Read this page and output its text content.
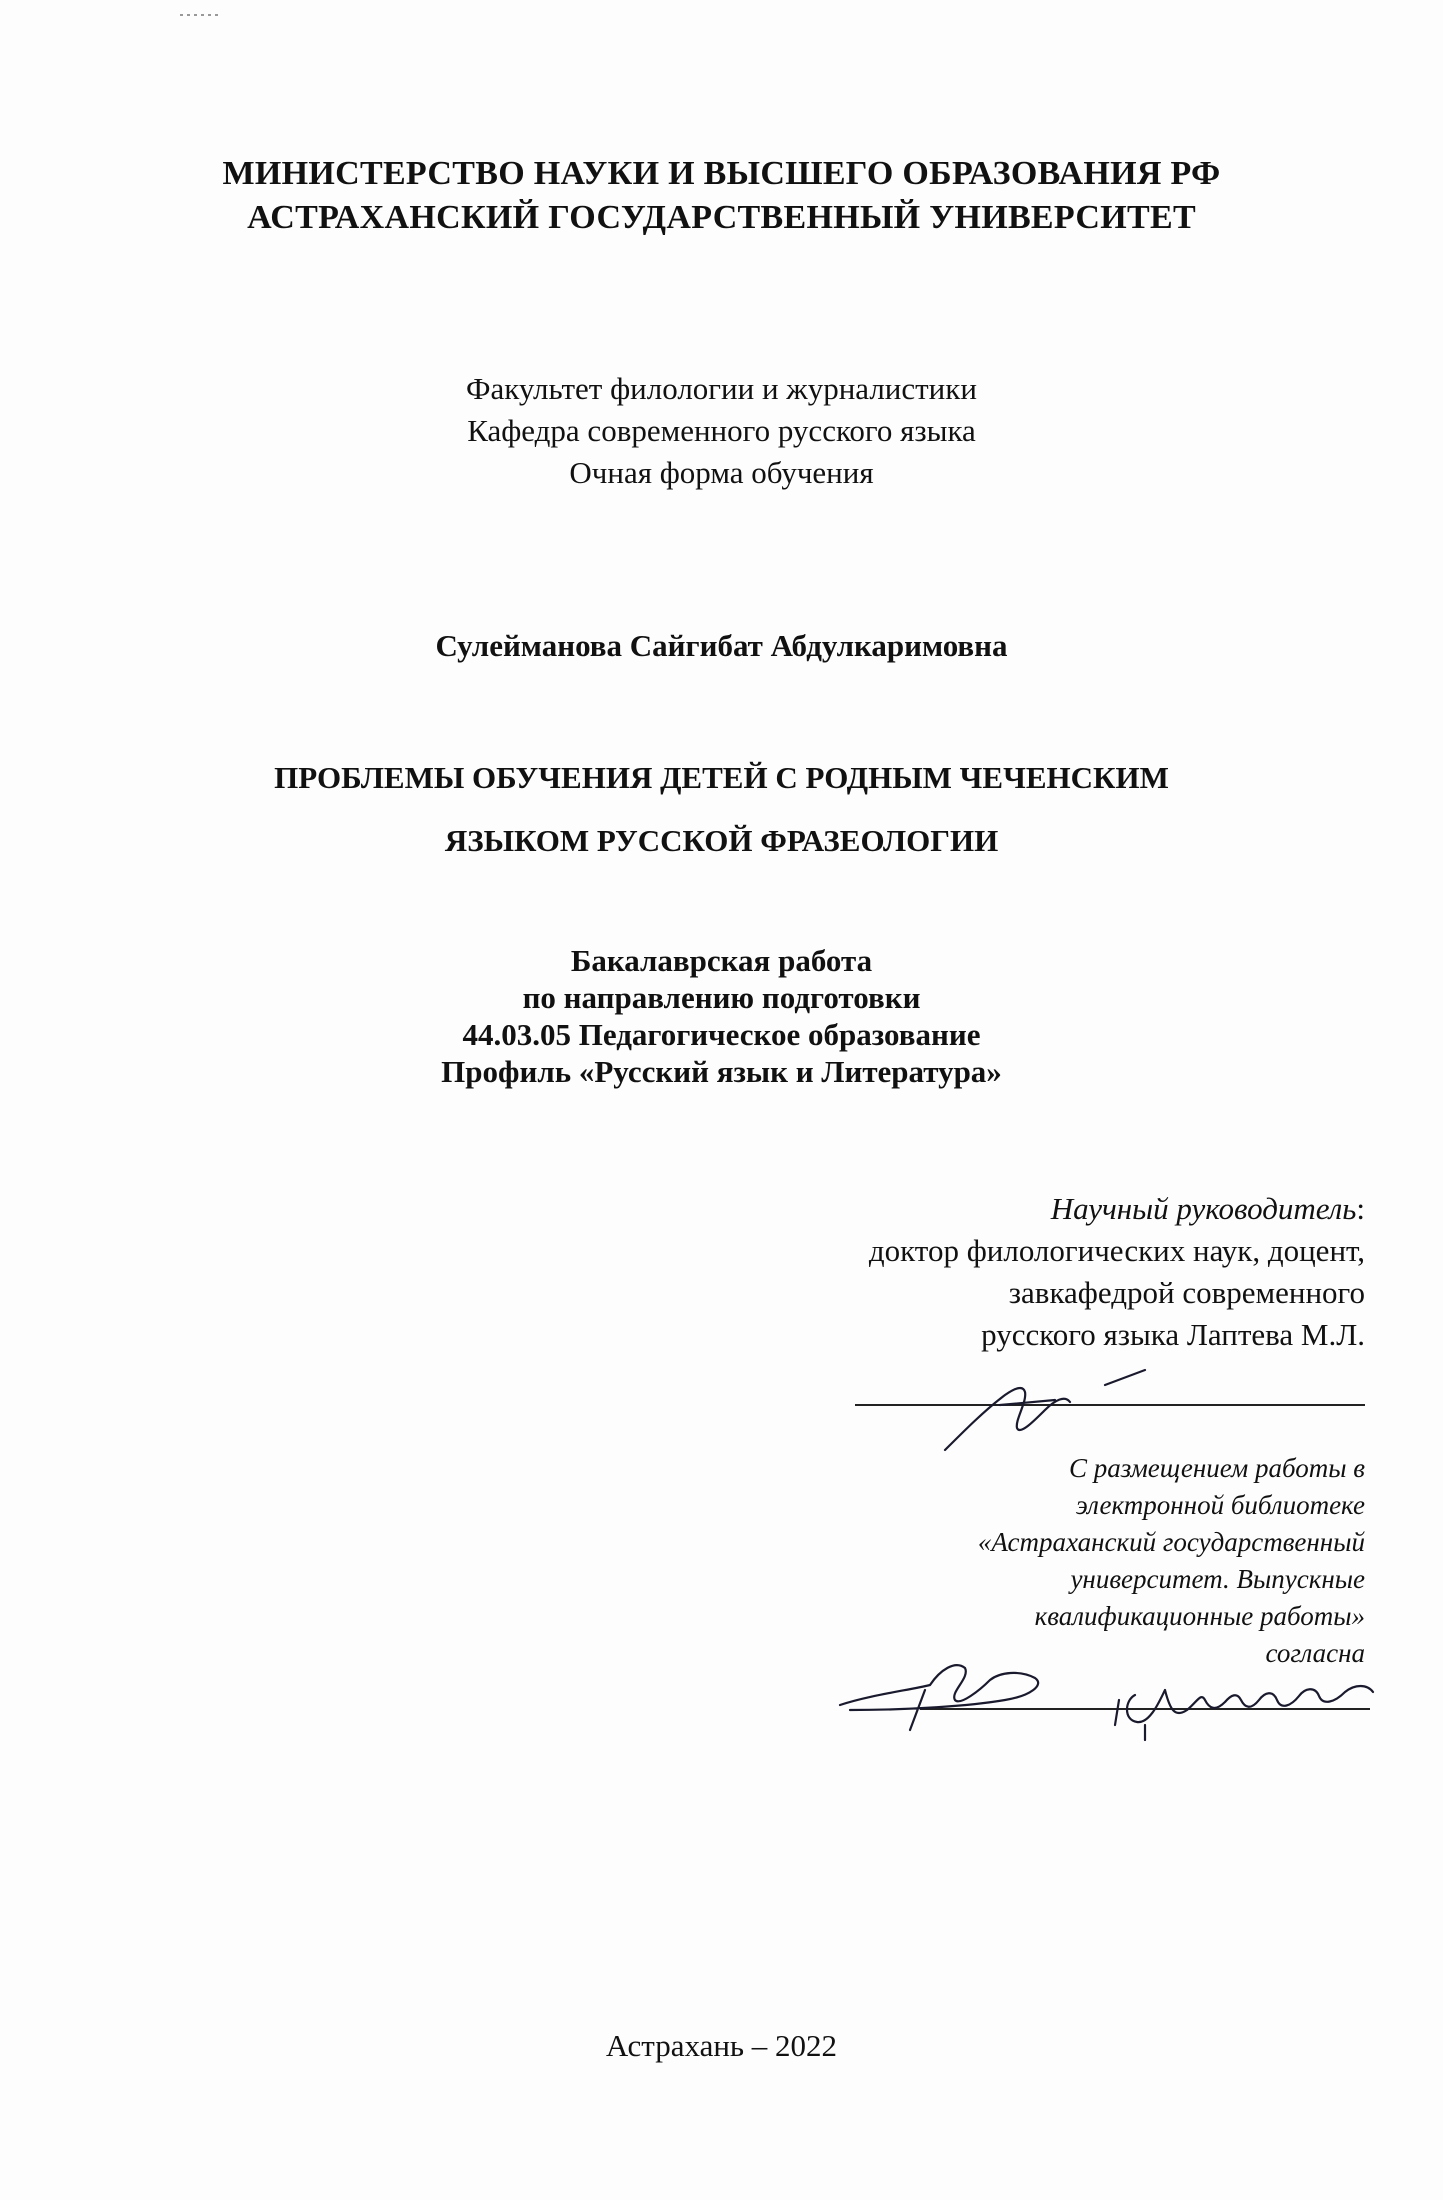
МИНИСТЕРСТВО НАУКИ И ВЫСШЕГО ОБРАЗОВАНИЯ РФ
АСТРАХАНСКИЙ ГОСУДАРСТВЕННЫЙ УНИВЕРСИТЕТ
Факультет филологии и журналистики
Кафедра современного русского языка
Очная форма обучения
Сулейманова Сайгибат Абдулкаримовна
ПРОБЛЕМЫ ОБУЧЕНИЯ ДЕТЕЙ С РОДНЫМ ЧЕЧЕНСКИМ
ЯЗЫКОМ РУССКОЙ ФРАЗЕОЛОГИИ
Бакалаврская работа
по направлению подготовки
44.03.05 Педагогическое образование
Профиль «Русский язык и Литература»
Научный руководитель:
доктор филологических наук, доцент,
завкафедрой современного
русского языка Лаптева М.Л.
С размещением работы в
электронной библиотеке
«Астраханский государственный
университет. Выпускные
квалификационные работы»
согласна
Астрахань – 2022
